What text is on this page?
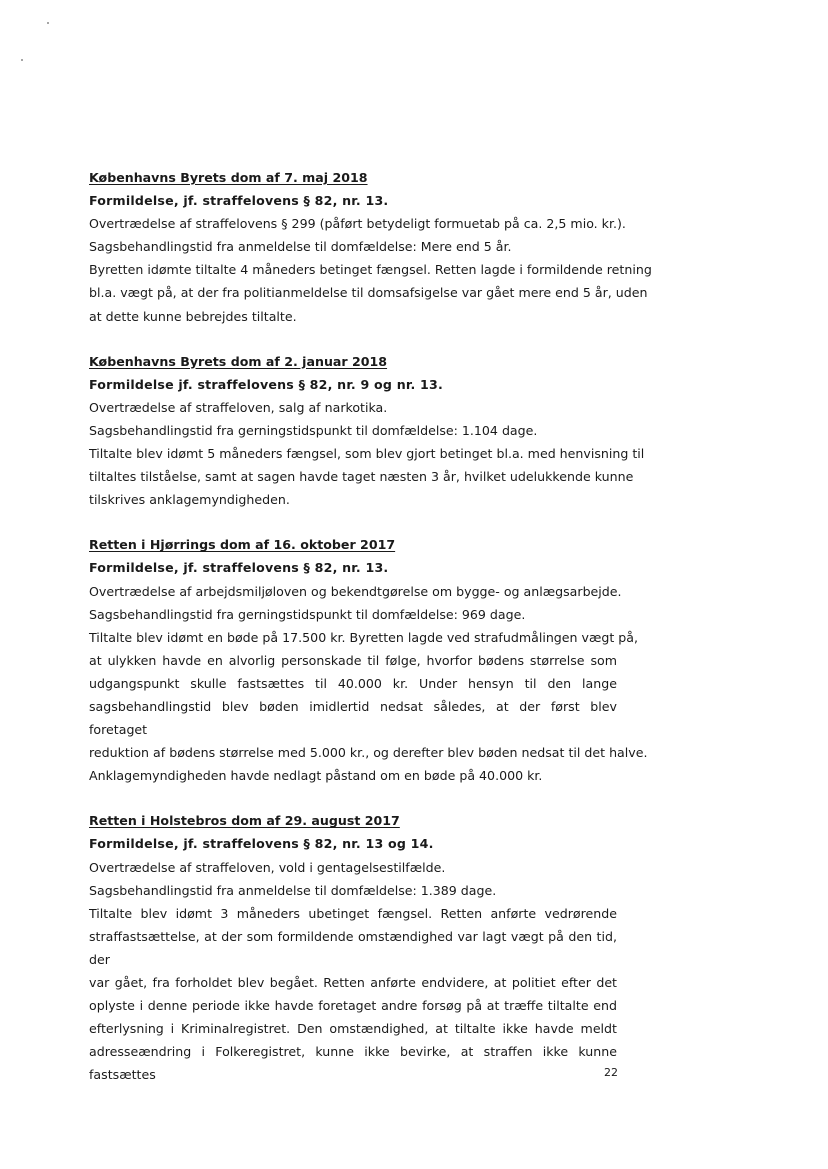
Københavns Byrets dom af 7. maj 2018
Formildelse, jf. straffelovens § 82, nr. 13.
Overtrædelse af straffelovens § 299 (påført betydeligt formuetab på ca. 2,5 mio. kr.).
Sagsbehandlingstid fra anmeldelse til domfældelse: Mere end 5 år.
Byretten idømte tiltalte 4 måneders betinget fængsel. Retten lagde i formildende retning
bl.a. vægt på, at der fra politianmeldelse til domsafsigelse var gået mere end 5 år, uden
at dette kunne bebrejdes tiltalte.
Københavns Byrets dom af 2. januar 2018
Formildelse jf. straffelovens § 82, nr. 9 og nr. 13.
Overtrædelse af straffeloven, salg af narkotika.
Sagsbehandlingstid fra gerningstidspunkt til domfældelse: 1.104 dage.
Tiltalte blev idømt 5 måneders fængsel, som blev gjort betinget bl.a. med henvisning til
tiltaltes tilståelse, samt at sagen havde taget næsten 3 år, hvilket udelukkende kunne
tilskrives anklagemyndigheden.
Retten i Hjørrings dom af 16. oktober 2017
Formildelse, jf. straffelovens § 82, nr. 13.
Overtrædelse af arbejdsmiljøloven og bekendtgørelse om bygge- og anlægsarbejde.
Sagsbehandlingstid fra gerningstidspunkt til domfældelse: 969 dage.
Tiltalte blev idømt en bøde på 17.500 kr. Byretten lagde ved strafudmålingen vægt på,
at ulykken havde en alvorlig personskade til følge, hvorfor bødens størrelse som
udgangspunkt skulle fastsættes til 40.000 kr. Under hensyn til den lange
sagsbehandlingstid blev bøden imidlertid nedsat således, at der først blev foretaget
reduktion af bødens størrelse med 5.000 kr., og derefter blev bøden nedsat til det halve.
Anklagemyndigheden havde nedlagt påstand om en bøde på 40.000 kr.
Retten i Holstebros dom af 29. august 2017
Formildelse, jf. straffelovens § 82, nr. 13 og 14.
Overtrædelse af straffeloven, vold i gentagelsestilfælde.
Sagsbehandlingstid fra anmeldelse til domfældelse: 1.389 dage.
Tiltalte blev idømt 3 måneders ubetinget fængsel. Retten anførte vedrørende
straffastsættelse, at der som formildende omstændighed var lagt vægt på den tid, der
var gået, fra forholdet blev begået. Retten anførte endvidere, at politiet efter det
oplyste i denne periode ikke havde foretaget andre forsøg på at træffe tiltalte end
efterlysning i Kriminalregistret. Den omstændighed, at tiltalte ikke havde meldt
adresseændring i Folkeregistret, kunne ikke bevirke, at straffen ikke kunne fastsættes	22
